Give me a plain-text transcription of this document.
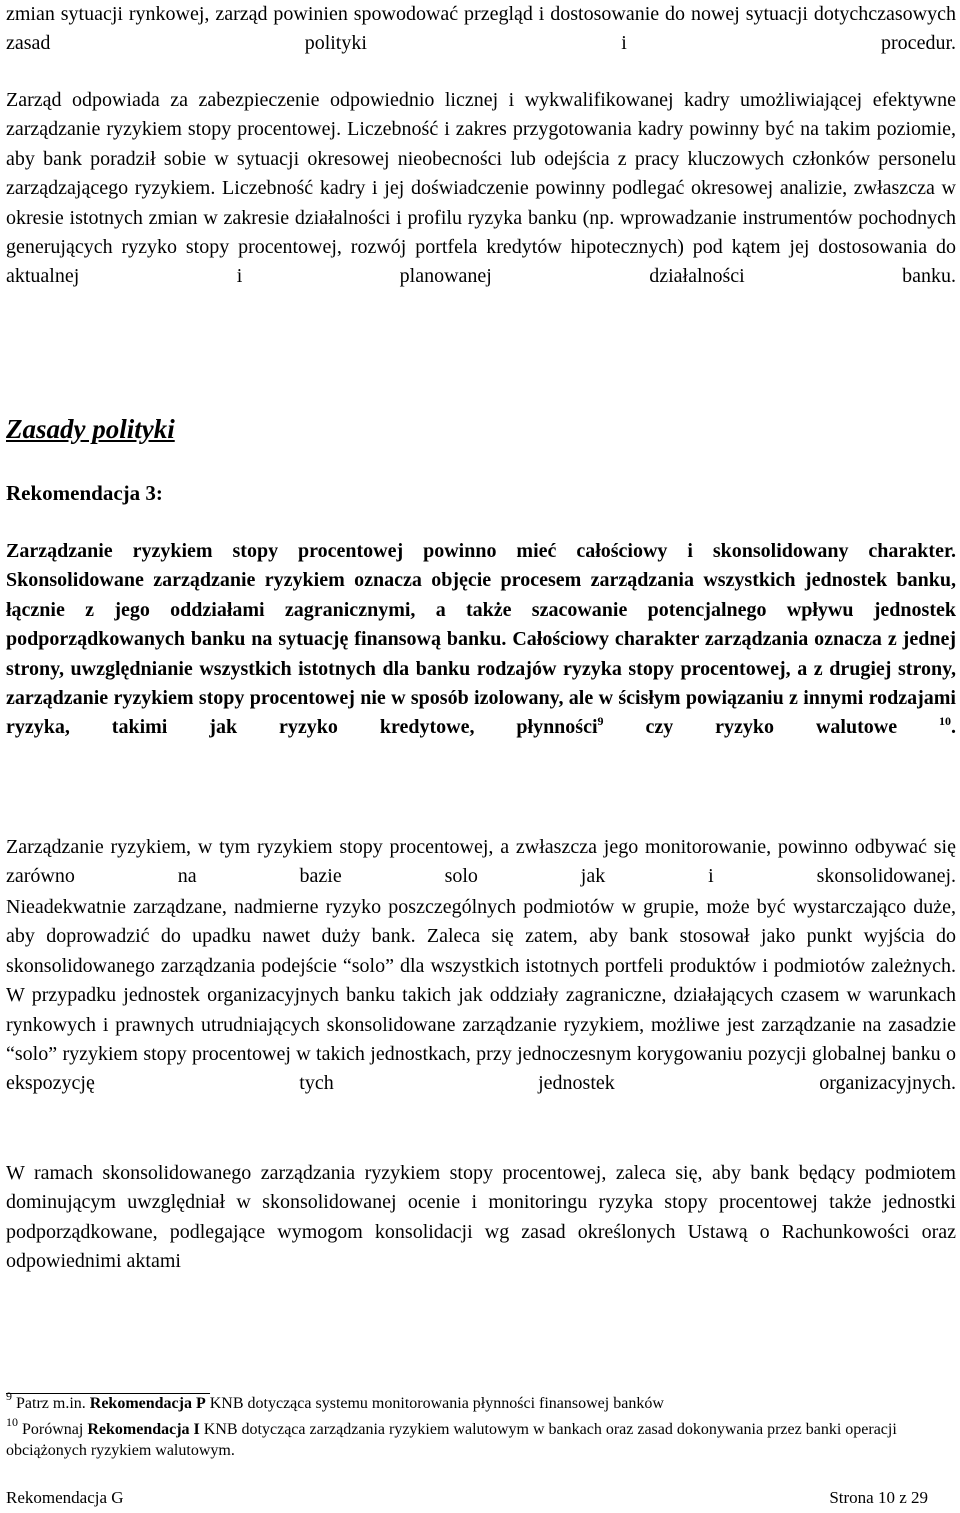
zmian sytuacji rynkowej, zarząd powinien spowodować przegląd i dostosowanie do nowej sytuacji dotychczasowych zasad polityki i procedur.

Zarząd odpowiada za zabezpieczenie odpowiednio licznej i wykwalifikowanej kadry umożliwiającej efektywne zarządzanie ryzykiem stopy procentowej. Liczebność i zakres przygotowania kadry powinny być na takim poziomie, aby bank poradził sobie w sytuacji okresowej nieobecności lub odejścia z pracy kluczowych członków personelu zarządzającego ryzykiem. Liczebność kadry i jej doświadczenie powinny podlegać okresowej analizie, zwłaszcza w okresie istotnych zmian w zakresie działalności i profilu ryzyka banku (np. wprowadzanie instrumentów pochodnych generujących ryzyko stopy procentowej, rozwój portfela kredytów hipotecznych) pod kątem jej dostosowania do aktualnej i planowanej działalności banku.

Zasady polityki
Rekomendacja 3:

Zarządzanie ryzykiem stopy procentowej powinno mieć całościowy i skonsolidowany charakter. Skonsolidowane zarządzanie ryzykiem oznacza objęcie procesem zarządzania wszystkich jednostek banku, łącznie z jego oddziałami zagranicznymi, a także szacowanie potencjalnego wpływu jednostek podporządkowanych banku na sytuację finansową banku. Całościowy charakter zarządzania oznacza z jednej strony, uwzględnianie wszystkich istotnych dla banku rodzajów ryzyka stopy procentowej, a z drugiej strony, zarządzanie ryzykiem stopy procentowej nie w sposób izolowany, ale w ścisłym powiązaniu z innymi rodzajami ryzyka, takimi jak ryzyko kredytowe, płynności$^9$ czy ryzyko walutowe	$^{10}$.

Zarządzanie ryzykiem, w tym ryzykiem stopy procentowej, a zwłaszcza jego monitorowanie, powinno odbywać się zarówno na bazie solo jak i skonsolidowanej.

Nieadekwatnie zarządzane, nadmierne ryzyko poszczególnych podmiotów w grupie, może być wystarczająco duże, aby doprowadzić do upadku nawet duży bank. Zaleca się zatem, aby bank stosował jako punkt wyjścia do skonsolidowanego zarządzania podejście “solo” dla wszystkich istotnych portfeli produktów i podmiotów zależnych. W przypadku jednostek organizacyjnych banku takich jak oddziały zagraniczne, działających czasem w warunkach rynkowych i prawnych utrudniających skonsolidowane zarządzanie ryzykiem, możliwe jest zarządzanie na zasadzie “solo” ryzykiem stopy procentowej w takich jednostkach, przy jednoczesnym korygowaniu pozycji globalnej banku o ekspozycję tych jednostek organizacyjnych.

W ramach skonsolidowanego zarządzania ryzykiem stopy procentowej, zaleca się, aby bank będący podmiotem dominującym uwzględniał w skonsolidowanej ocenie i monitoringu ryzyka stopy procentowej także jednostki podporządkowane, podlegające wymogom konsolidacji wg zasad określonych Ustawą o Rachunkowości oraz odpowiednimi aktami

$^9$ Patrz m.in. Rekomendacja P KNB dotycząca systemu monitorowania płynności finansowej banków
$^{10}$ Porównaj Rekomendacja I KNB dotycząca zarządzania ryzykiem walutowym w bankach oraz zasad dokonywania przez banki operacji obciążonych ryzykiem walutowym.
Rekomendacja G	Strona 10 z 29
